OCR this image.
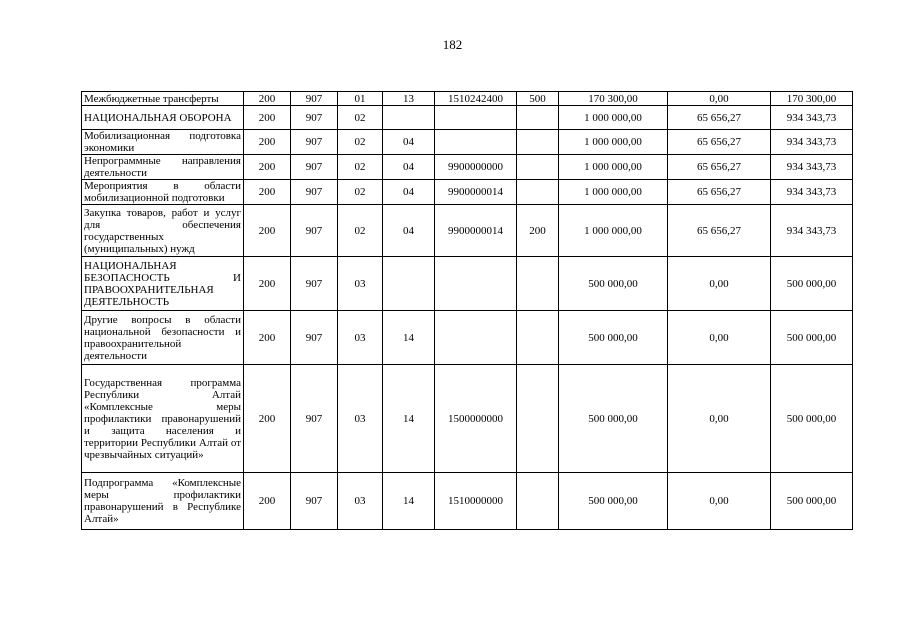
182
Межбюджетные трансферты	200	907	01	13	1510242400	500	170 300,00	0,00	170 300,00
НАЦИОНАЛЬНАЯ ОБОРОНА	200	907	02				1 000 000,00	65 656,27	934 343,73
Мобилизационная подготовка экономики	200	907	02	04			1 000 000,00	65 656,27	934 343,73
Непрограммные направления деятельности	200	907	02	04	9900000000		1 000 000,00	65 656,27	934 343,73
Мероприятия в области мобилизационной подготовки	200	907	02	04	9900000014		1 000 000,00	65 656,27	934 343,73
Закупка товаров, работ и услуг для обеспечения государственных (муниципальных) нужд	200	907	02	04	9900000014	200	1 000 000,00	65 656,27	934 343,73
НАЦИОНАЛЬНАЯ БЕЗОПАСНОСТЬ И ПРАВООХРАНИТЕЛЬНАЯ ДЕЯТЕЛЬНОСТЬ	200	907	03				500 000,00	0,00	500 000,00
Другие вопросы в области национальной безопасности и правоохранительной деятельности	200	907	03	14			500 000,00	0,00	500 000,00
Государственная программа Республики Алтай «Комплексные меры профилактики правонарушений и защита населения и территории Республики Алтай от чрезвычайных ситуаций»	200	907	03	14	1500000000		500 000,00	0,00	500 000,00
Подпрограмма «Комплексные меры профилактики правонарушений в Республике Алтай»	200	907	03	14	1510000000		500 000,00	0,00	500 000,00
